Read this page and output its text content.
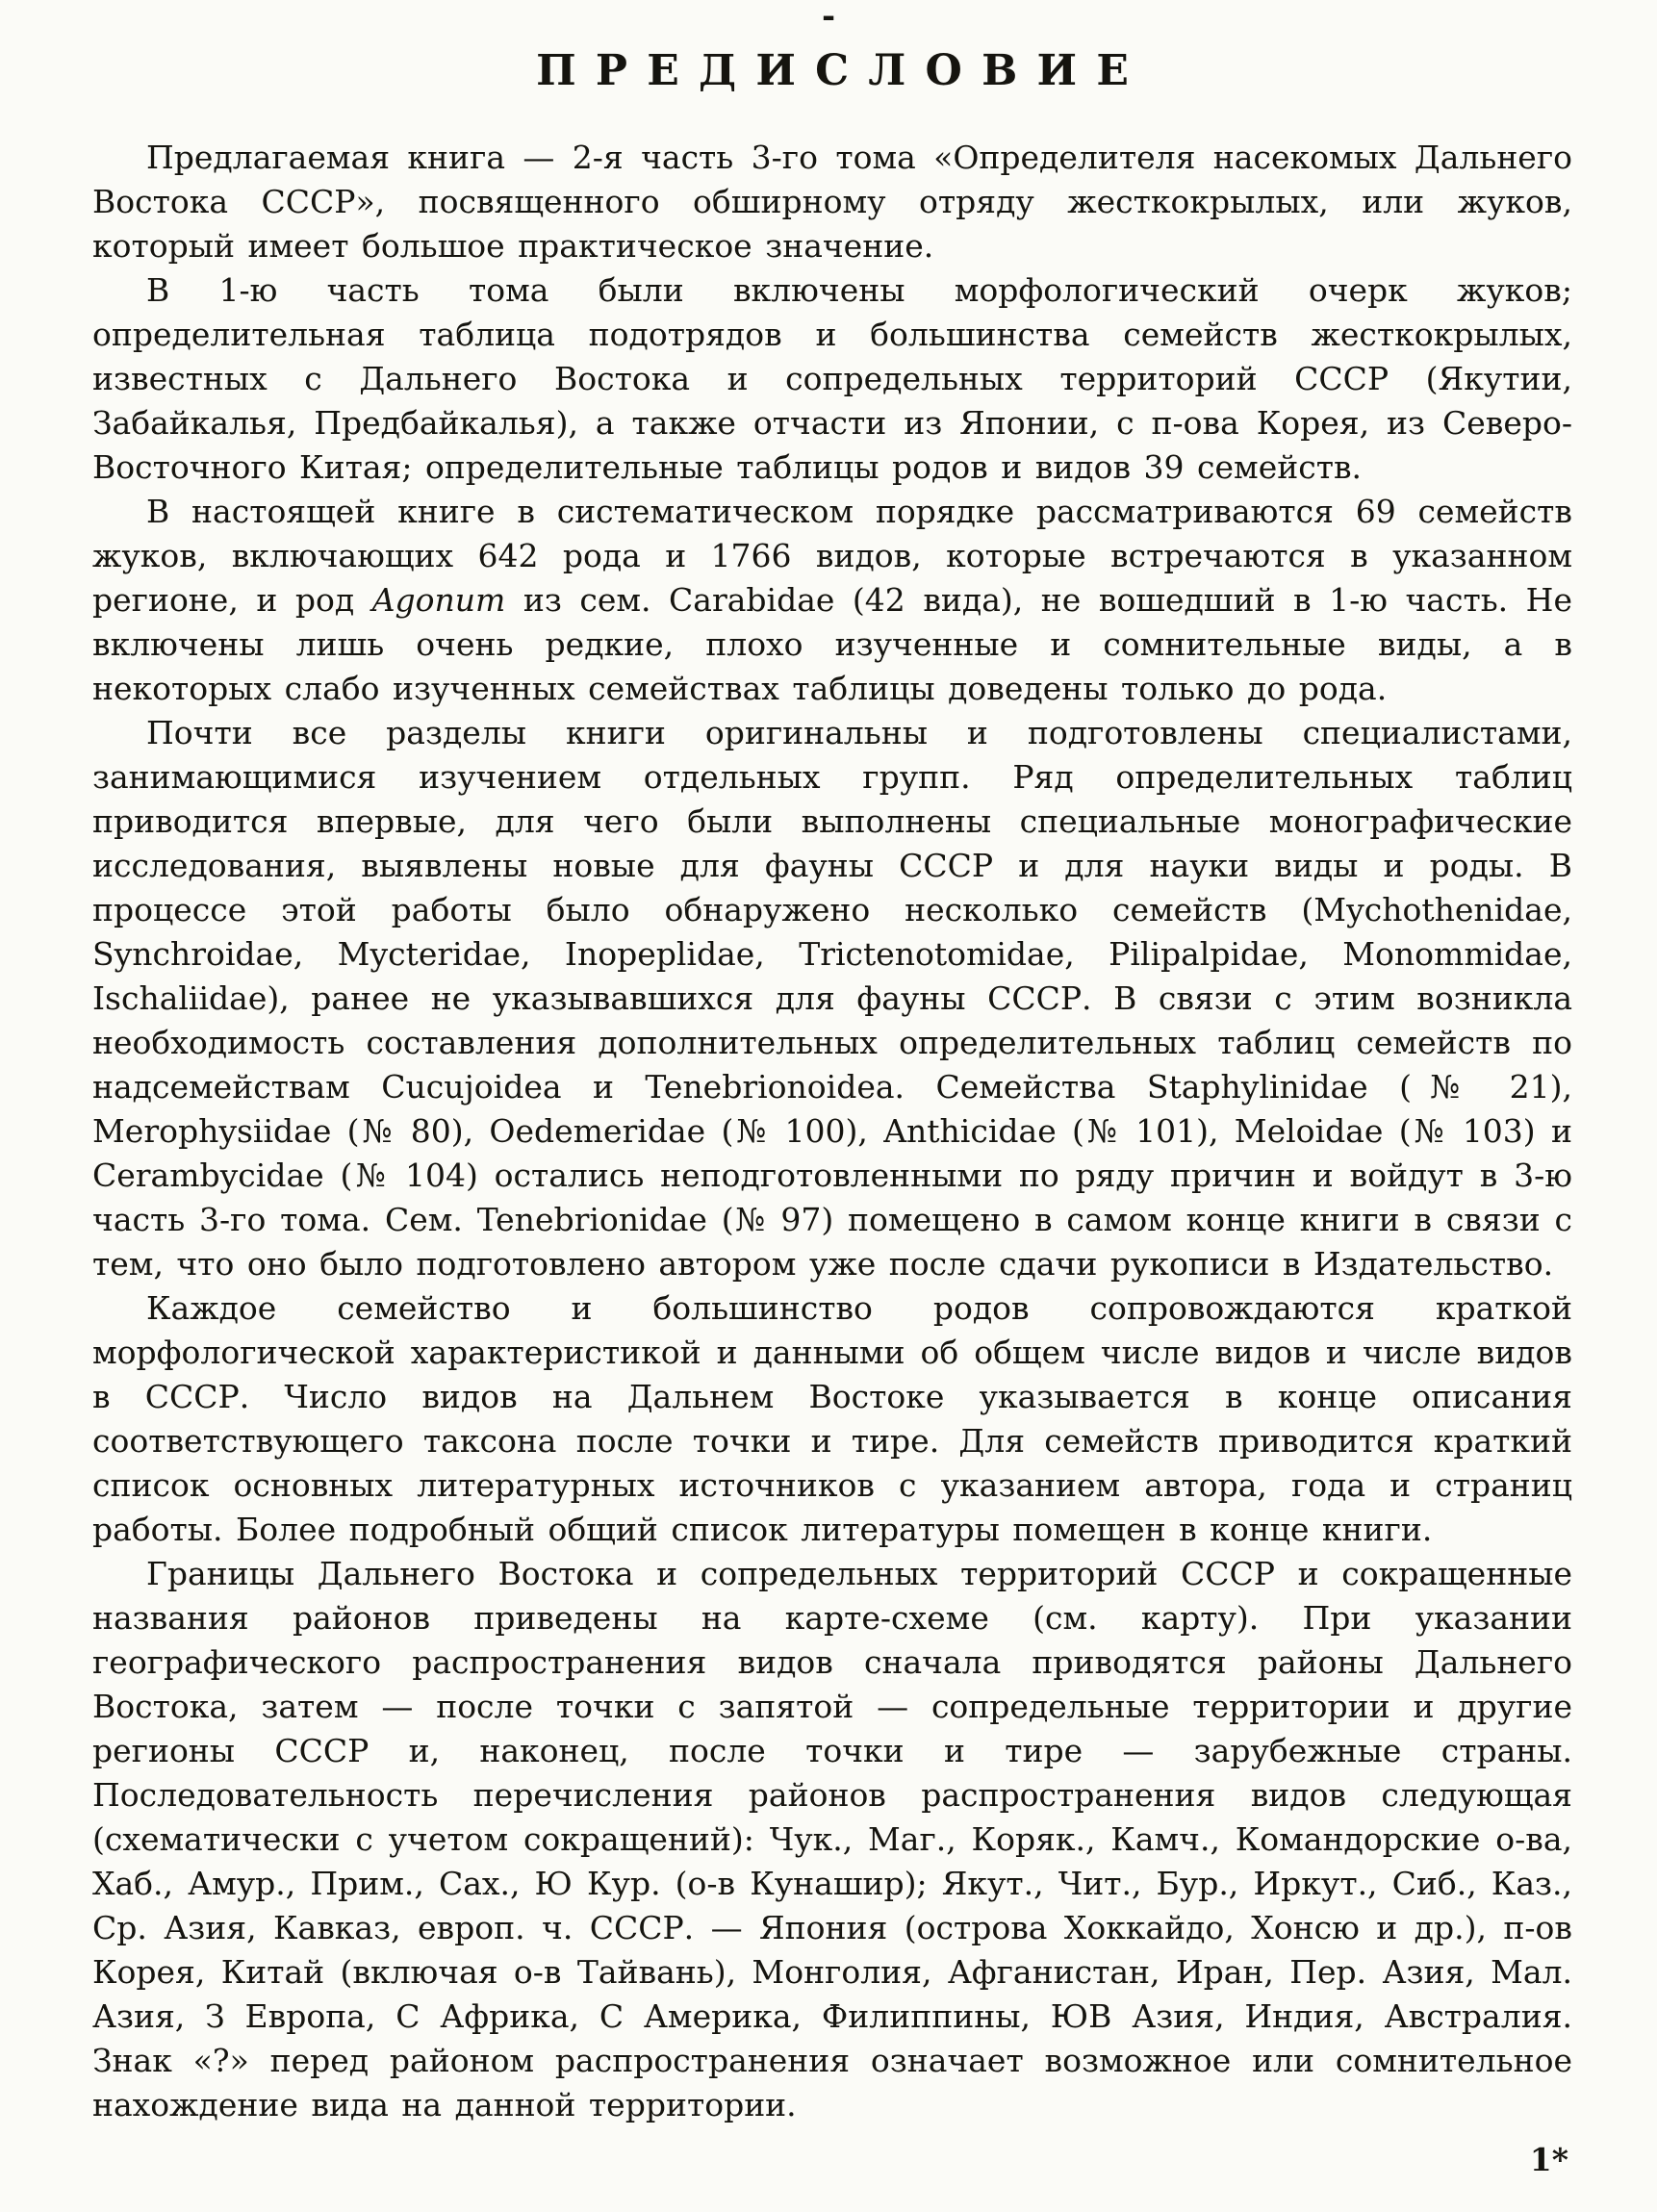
-
ПРЕДИСЛОВИЕ

Предлагаемая книга — 2-я часть 3-го тома «Определителя насекомых Дальнего Востока СССР», посвященного обширному отряду жесткокрылых, или жуков, который имеет большое практическое значение.

В 1-ю часть тома были включены морфологический очерк жуков; определительная таблица подотрядов и большинства семейств жесткокрылых, известных с Дальнего Востока и сопредельных территорий СССР (Якутии, Забайкалья, Предбайкалья), а также отчасти из Японии, с п-ова Корея, из Северо-Восточного Китая; определительные таблицы родов и видов 39 семейств.

В настоящей книге в систематическом порядке рассматриваются 69 семейств жуков, включающих 642 рода и 1766 видов, которые встречаются в указанном регионе, и род Agonum из сем. Carabidae (42 вида), не вошедший в 1-ю часть. Не включены лишь очень редкие, плохо изученные и сомнительные виды, а в некоторых слабо изученных семействах таблицы доведены только до рода.

Почти все разделы книги оригинальны и подготовлены специалистами, занимающимися изучением отдельных групп. Ряд определительных таблиц приводится впервые, для чего были выполнены специальные монографические исследования, выявлены новые для фауны СССР и для науки виды и роды. В процессе этой работы было обнаружено несколько семейств (Mychothenidae, Synchroidae, Mycteridae, Inopeplidae, Trictenotomidae, Pilipalpidae, Monommidae, Ischaliidae), ранее не указывавшихся для фауны СССР. В связи с этим возникла необходимость составления дополнительных определительных таблиц семейств по надсемействам Cucujoidea и Tenebrionoidea. Семейства Staphylinidae (№ 21), Merophysiidae (№ 80), Oedemeridae (№ 100), Anthicidae (№ 101), Meloidae (№ 103) и Cerambycidae (№ 104) остались неподготовленными по ряду причин и войдут в 3-ю часть 3-го тома. Сем. Tenebrionidae (№ 97) помещено в самом конце книги в связи с тем, что оно было подготовлено автором уже после сдачи рукописи в Издательство.

Каждое семейство и большинство родов сопровождаются краткой морфологической характеристикой и данными об общем числе видов и числе видов в СССР. Число видов на Дальнем Востоке указывается в конце описания соответствующего таксона после точки и тире. Для семейств приводится краткий список основных литературных источников с указанием автора, года и страниц работы. Более подробный общий список литературы помещен в конце книги.

Границы Дальнего Востока и сопредельных территорий СССР и сокращенные названия районов приведены на карте-схеме (см. карту). При указании географического распространения видов сначала приводятся районы Дальнего Востока, затем — после точки с запятой — сопредельные территории и другие регионы СССР и, наконец, после точки и тире — зарубежные страны. Последовательность перечисления районов распространения видов следующая (схематически с учетом сокращений): Чук., Маг., Коряк., Камч., Командорские о-ва, Хаб., Амур., Прим., Сах., Ю Кур. (о-в Кунашир); Якут., Чит., Бур., Иркут., Сиб., Каз., Ср. Азия, Кавказ, европ. ч. СССР. — Япония (острова Хоккайдо, Хонсю и др.), п-ов Корея, Китай (включая о-в Тайвань), Монголия, Афганистан, Иран, Пер. Азия, Мал. Азия, З Европа, С Африка, С Америка, Филиппины, ЮВ Азия, Индия, Австралия. Знак «?» перед районом распространения означает возможное или сомнительное нахождение вида на данной территории.

1*
